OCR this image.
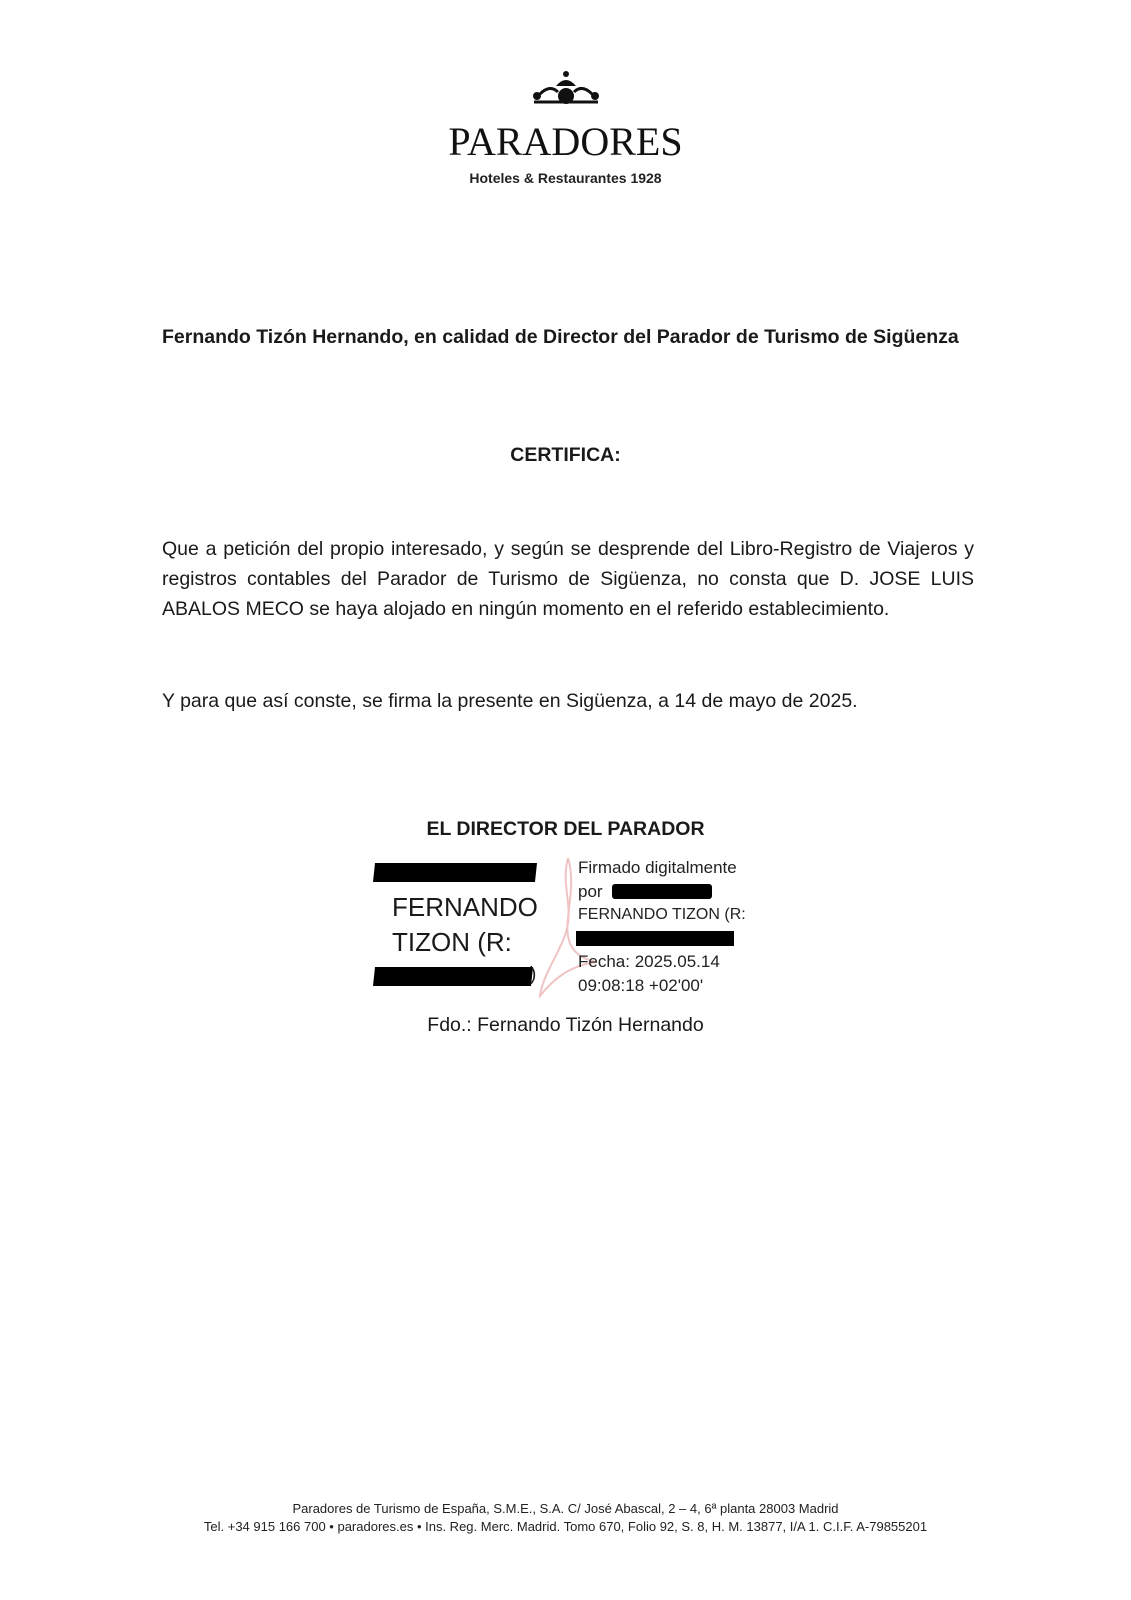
PARADORES
Hoteles & Restaurantes 1928
Fernando Tizón Hernando, en calidad de Director del Parador de Turismo de Sigüenza
CERTIFICA:
Que a petición del propio interesado, y según se desprende del Libro-Registro de Viajeros y registros contables del Parador de Turismo de Sigüenza, no consta que D. JOSE LUIS ABALOS MECO se haya alojado en ningún momento en el referido establecimiento.
Y para que así conste, se firma la presente en Sigüenza, a 14 de mayo de 2025.
EL DIRECTOR DEL PARADOR
FERNANDO
TIZON (R:
)
Firmado digitalmente
por
FERNANDO TIZON (R:
Fecha: 2025.05.14
09:08:18 +02'00'
Fdo.: Fernando Tizón Hernando
Paradores de Turismo de España, S.M.E., S.A. C/ José Abascal, 2 – 4, 6ª planta 28003 Madrid
Tel. +34 915 166 700 • paradores.es • Ins. Reg. Merc. Madrid. Tomo 670, Folio 92, S. 8, H. M. 13877, I/A 1. C.I.F. A-79855201
